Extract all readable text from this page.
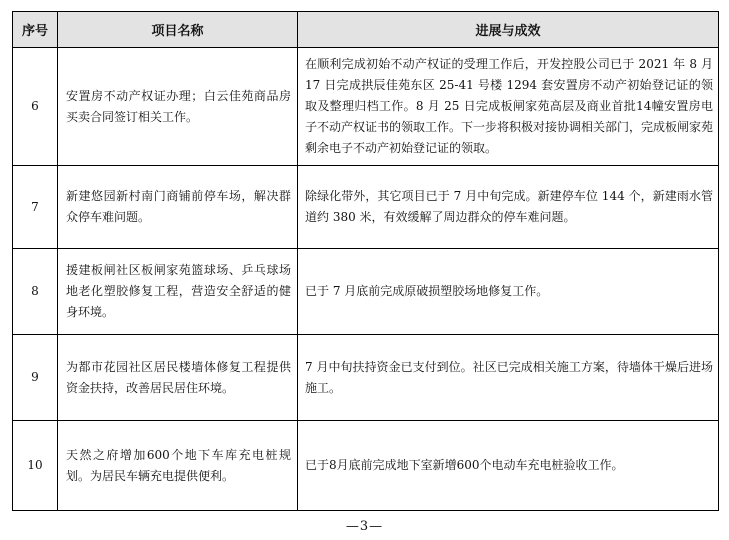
序号	项目名称	进展与成效
6	安置房不动产权证办理；白云佳苑商品房买卖合同签订相关工作。	在顺利完成初始不动产权证的受理工作后，开发控股公司已于 2021 年 8 月 17 日完成拱辰佳苑东区 25-41 号楼 1294 套安置房不动产初始登记证的领取及整理归档工作。8 月 25 日完成板闸家苑高层及商业首批14幢安置房电子不动产权证书的领取工作。下一步将积极对接协调相关部门，完成板闸家苑剩余电子不动产初始登记证的领取。
7	新建悠园新村南门商铺前停车场，解决群众停车难问题。	除绿化带外，其它项目已于 7 月中旬完成。新建停车位 144 个，新建雨水管道约 380 米，有效缓解了周边群众的停车难问题。
8	援建板闸社区板闸家苑篮球场、乒乓球场地老化塑胶修复工程，营造安全舒适的健身环境。	已于 7 月底前完成原破损塑胶场地修复工作。
9	为都市花园社区居民楼墙体修复工程提供资金扶持，改善居民居住环境。	7 月中旬扶持资金已支付到位。社区已完成相关施工方案，待墙体干燥后进场施工。
10	天然之府增加600个地下车库充电桩规划。为居民车辆充电提供便利。	已于8月底前完成地下室新增600个电动车充电桩验收工作。
—3—
